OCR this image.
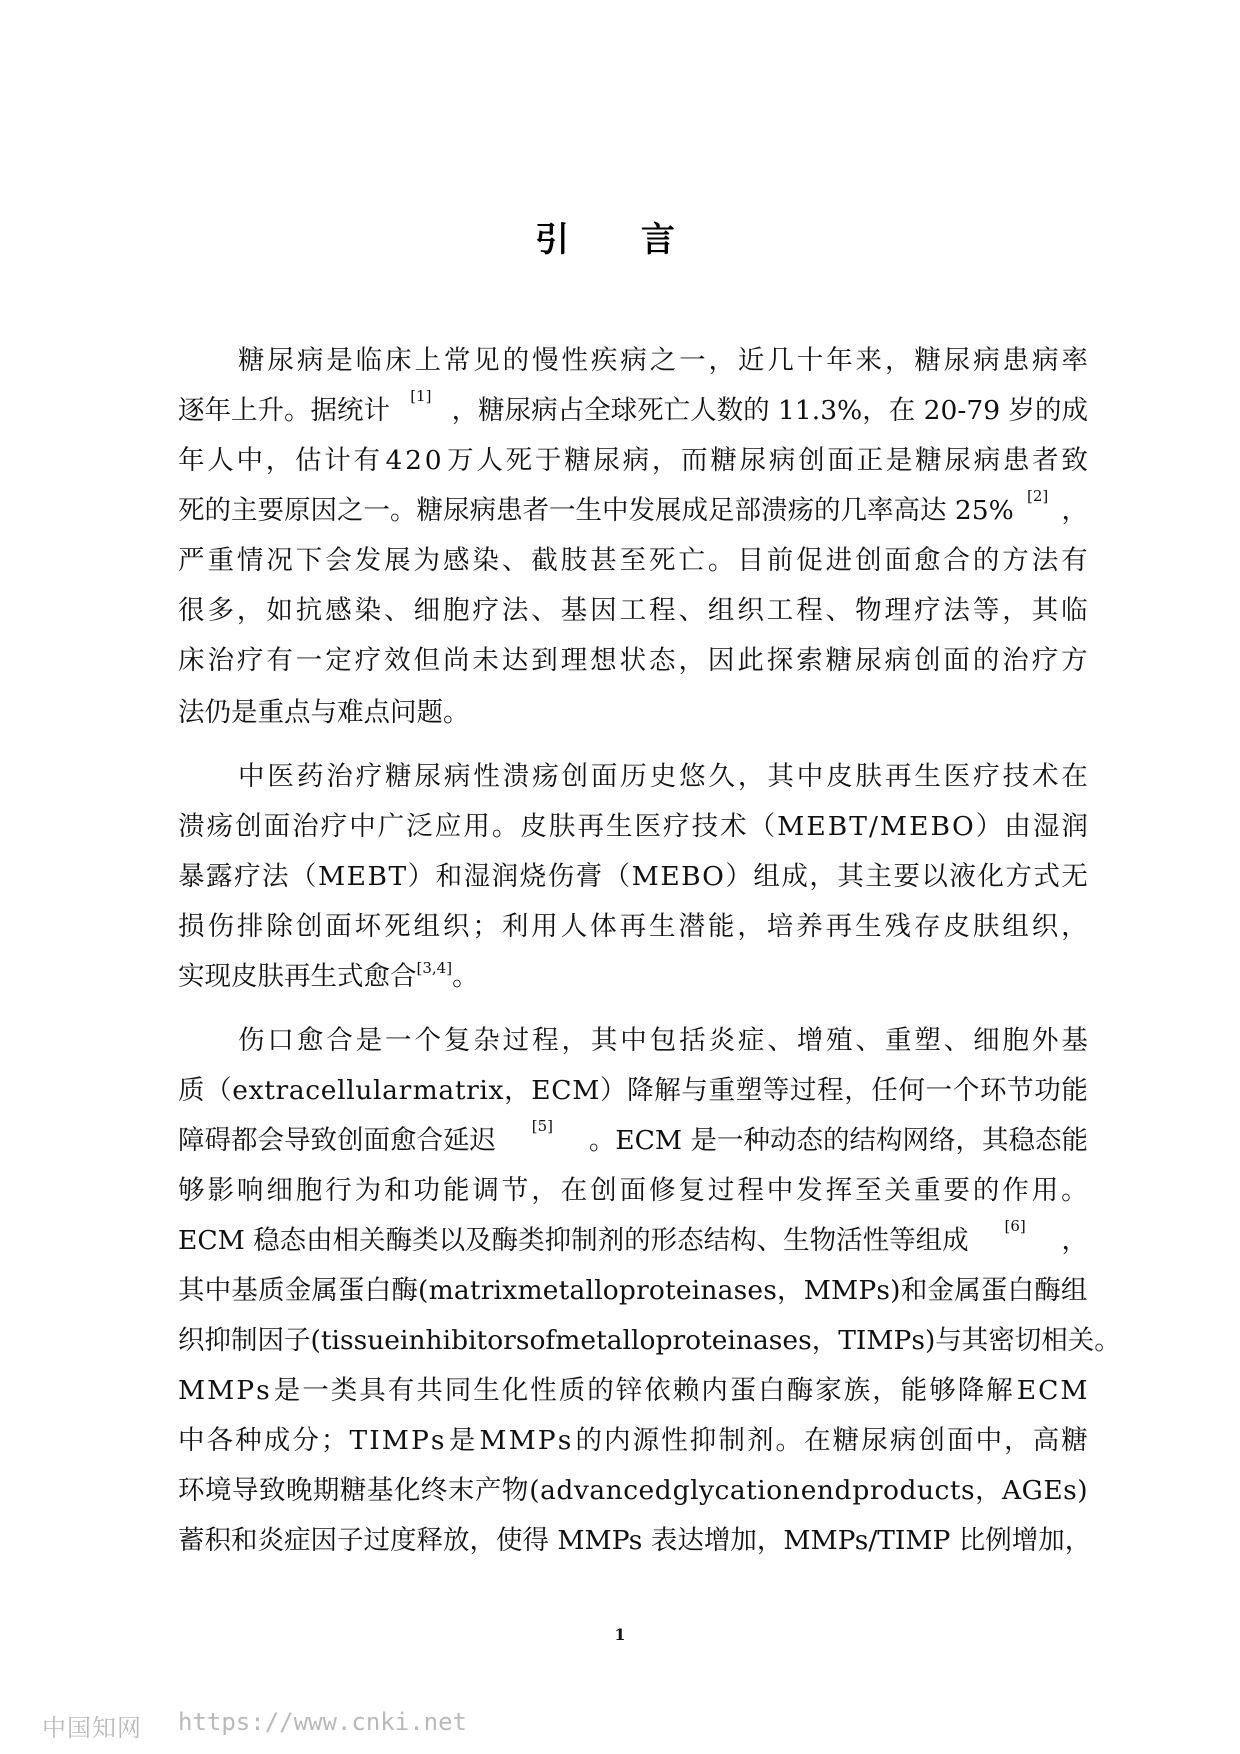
引 言
糖 尿 病 是 临 床 上 常 见 的 慢 性 疾 病 之 一 ， 近 几 十 年 来 ， 糖 尿 病 患 病 率
逐年上升。据统计 [1] ，糖尿病占全球死亡人数的 11.3%，在 20-79 岁的成
年 人 中 ， 估 计 有 4 2 0 万 人 死 于 糖 尿 病 ， 而 糖 尿 病 创 面 正 是 糖 尿 病 患 者 致
死的主要原因之一。糖尿病患者一生中发展成足部溃疡的几率高达 25% [2] ，
严 重 情 况 下 会 发 展 为 感 染 、 截 肢 甚 至 死 亡 。 目 前 促 进 创 面 愈 合 的 方 法 有
很 多 ， 如 抗 感 染 、 细 胞 疗 法 、 基 因 工 程 、 组 织 工 程 、 物 理 疗 法 等 ， 其 临
床 治 疗 有 一 定 疗 效 但 尚 未 达 到 理 想 状 态 ， 因 此 探 索 糖 尿 病 创 面 的 治 疗 方
法仍是重点与难点问题。
中 医 药 治 疗 糖 尿 病 性 溃 疡 创 面 历 史 悠 久 ， 其 中 皮 肤 再 生 医 疗 技 术 在
溃 疡 创 面 治 疗 中 广 泛 应 用 。 皮 肤 再 生 医 疗 技 术 （ M E B T / M E B O ） 由 湿 润
暴 露 疗 法 （ M E B T ） 和 湿 润 烧 伤 膏 （ M E B O ） 组 成 ， 其 主 要 以 液 化 方 式 无
损 伤 排 除 创 面 坏 死 组 织 ； 利 用 人 体 再 生 潜 能 ， 培 养 再 生 残 存 皮 肤 组 织 ，
实现皮肤再生式愈合[3,4]。
伤 口 愈 合 是 一 个 复 杂 过 程 ， 其 中 包 括 炎 症 、 增 殖 、 重 塑 、 细 胞 外 基
质 （ e x t r a c e l l u l a r m a t r i x ， E C M ） 降 解 与 重 塑 等 过 程 ， 任 何 一 个 环 节 功 能
障碍都会导致创面愈合延迟 [5] 。ECM 是一种动态的结构网络，其稳态能
够 影 响 细 胞 行 为 和 功 能 调 节 ， 在 创 面 修 复 过 程 中 发 挥 至 关 重 要 的 作 用 。
ECM 稳态由相关酶类以及酶类抑制剂的形态结构、生物活性等组成 [6] ，
其 中 基 质 金 属 蛋 白 酶 ( m a t r i x m e t a l l o p r o t e i n a s e s ， M M P s ) 和 金 属 蛋 白 酶 组
织 抑 制 因 子 ( t i s s u e i n h i b i t o r s o f m e t a l l o p r o t e i n a s e s ， T I M P s ) 与 其 密 切 相 关 。
M M P s 是 一 类 具 有 共 同 生 化 性 质 的 锌 依 赖 内 蛋 白 酶 家 族 ， 能 够 降 解 E C M
中 各 种 成 分 ； T I M P s 是 M M P s 的 内 源 性 抑 制 剂 。 在 糖 尿 病 创 面 中 ， 高 糖
环 境 导 致 晚 期 糖 基 化 终 末 产 物 ( a d v a n c e d g l y c a t i o n e n d p r o d u c t s ， A G E s )
蓄积和炎症因子过度释放，使得 MMPs 表达增加，MMPs/TIMP 比例增加，
1
中国知网 https://www.cnki.net
